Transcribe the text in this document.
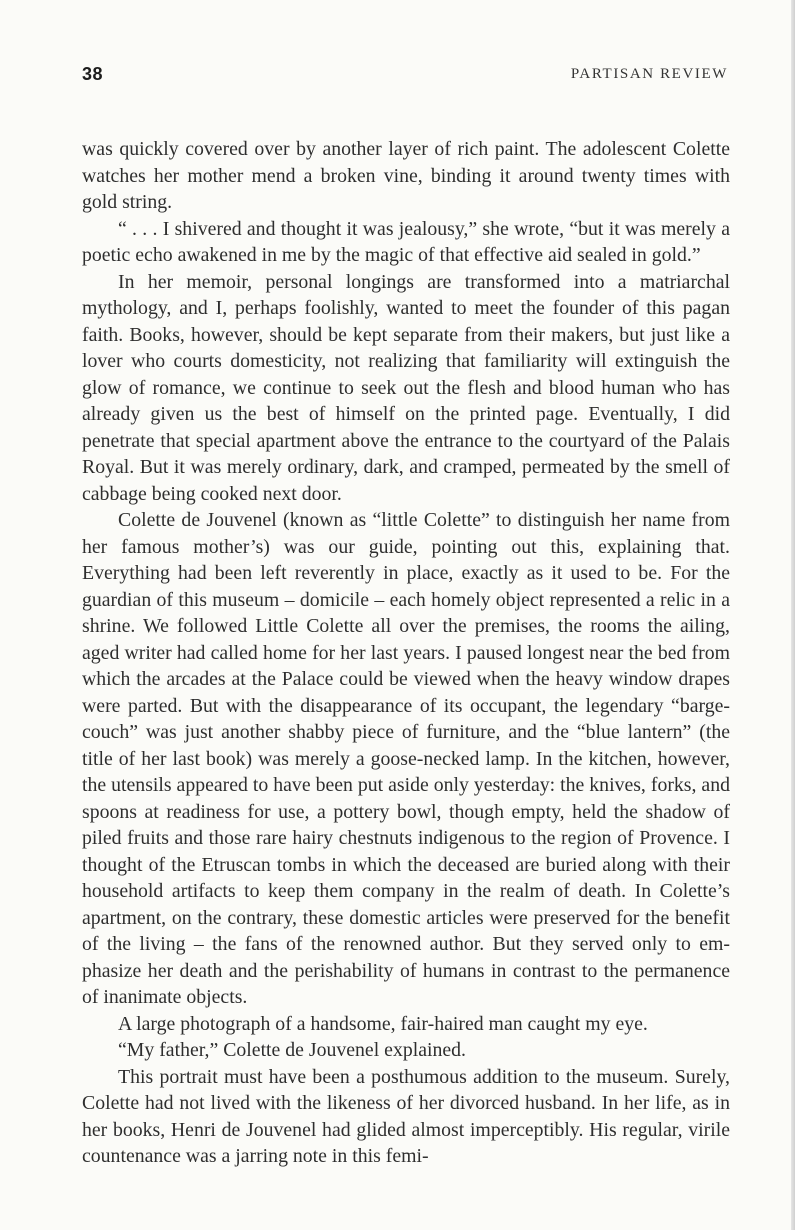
38	PARTISAN REVIEW

was quickly covered over by another layer of rich paint. The adolescent Colette watches her mother mend a broken vine, binding it around twenty times with gold string.

“ . . . I shivered and thought it was jealousy,” she wrote, “but it was merely a poetic echo awakened in me by the magic of that effective aid sealed in gold.”

In her memoir, personal longings are transformed into a matriarchal mythology, and I, perhaps foolishly, wanted to meet the founder of this pagan faith. Books, however, should be kept separate from their makers, but just like a lover who courts domesticity, not realizing that familiarity will extinguish the glow of romance, we continue to seek out the flesh and blood human who has already given us the best of himself on the printed page. Eventually, I did penetrate that special apartment above the entrance to the courtyard of the Palais Royal. But it was merely ordinary, dark, and cramped, permeated by the smell of cabbage being cooked next door.

Colette de Jouvenel (known as “little Colette” to distinguish her name from her famous mother’s) was our guide, pointing out this, explaining that. Everything had been left reverently in place, exactly as it used to be. For the guardian of this museum – domicile – each homely object represented a relic in a shrine. We followed Little Colette all over the premises, the rooms the ailing, aged writer had called home for her last years. I paused longest near the bed from which the arcades at the Palace could be viewed when the heavy window drapes were parted. But with the disappearance of its occupant, the legendary “barge-couch” was just another shabby piece of furniture, and the “blue lantern” (the title of her last book) was merely a goose-necked lamp. In the kitchen, however, the utensils appeared to have been put aside only yesterday: the knives, forks, and spoons at readiness for use, a pottery bowl, though empty, held the shadow of piled fruits and those rare hairy chestnuts indigenous to the region of Provence. I thought of the Etruscan tombs in which the deceased are buried along with their household artifacts to keep them company in the realm of death. In Colette’s apartment, on the contrary, these domestic articles were preserved for the benefit of the living – the fans of the renowned author. But they served only to emphasize her death and the perishability of humans in contrast to the permanence of inanimate objects.

A large photograph of a handsome, fair-haired man caught my eye.

“My father,” Colette de Jouvenel explained.

This portrait must have been a posthumous addition to the museum. Surely, Colette had not lived with the likeness of her divorced husband. In her life, as in her books, Henri de Jouvenel had glided almost imperceptibly. His regular, virile countenance was a jarring note in this femi-
